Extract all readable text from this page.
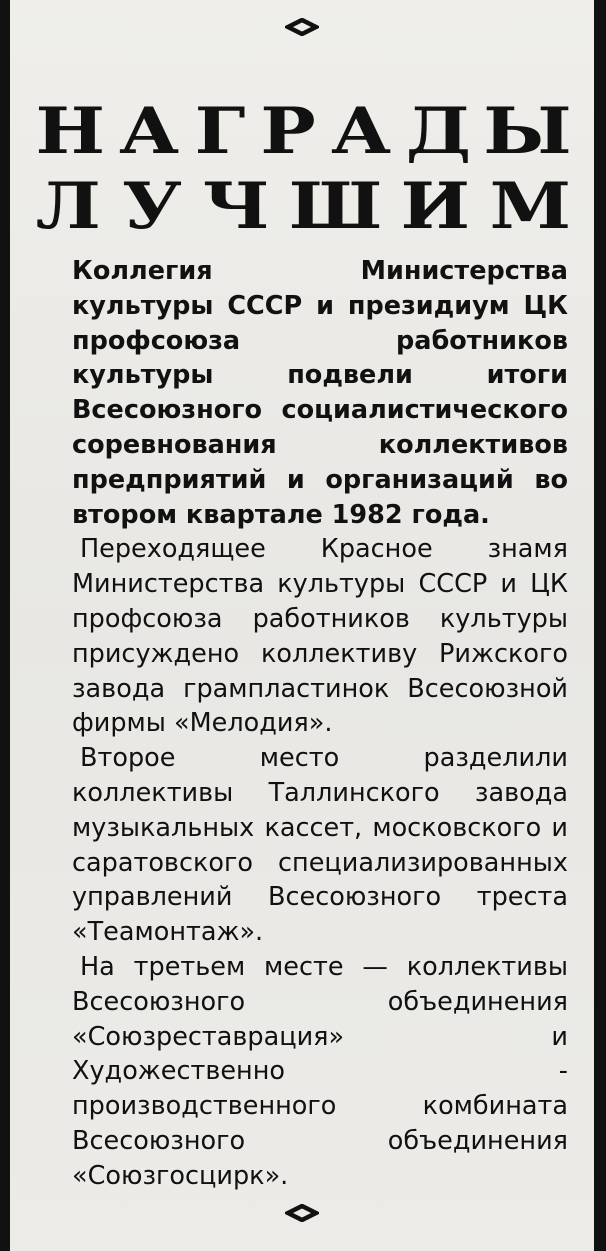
Н А Г Р А Д Ы
Л У Ч Ш И М

Коллегия Министерства культуры СССР и президиум ЦК профсоюза работников культуры подвели итоги Всесоюзного социалистического соревнования коллективов предприятий и организаций во втором квартале 1982 года.

Переходящее Красное знамя Министерства культуры СССР и ЦК профсоюза работников культуры присуждено коллективу Рижского завода грампластинок Всесоюзной фирмы «Мелодия».

Второе место разделили коллективы Таллинского завода музыкальных кассет, московского и саратовского специализированных управлений Всесоюзного треста «Теамонтаж».

На третьем месте — коллективы Всесоюзного объединения «Союзреставрация» и Художественно - производственного комбината Всесоюзного объединения «Союзгосцирк».
